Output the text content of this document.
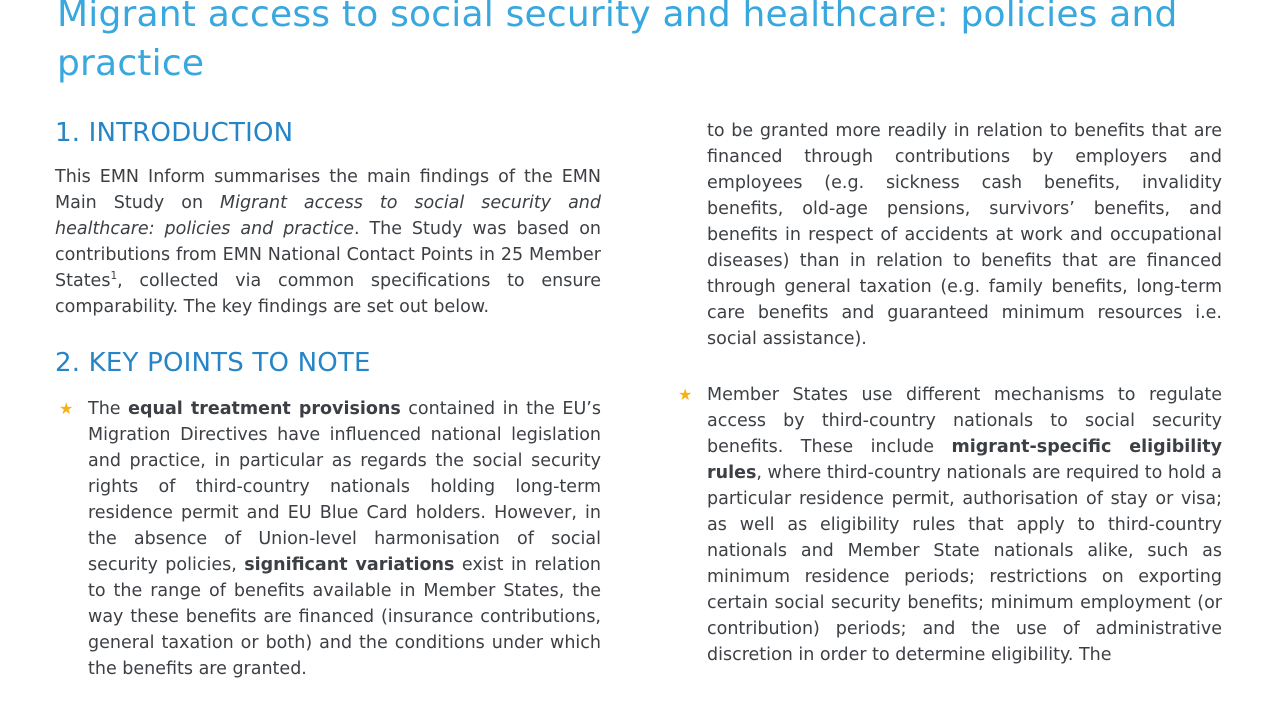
Migrant access to social security and healthcare: policies and practice
1. INTRODUCTION

This EMN Inform summarises the main findings of the EMN Main Study on Migrant access to social security and healthcare: policies and practice. The Study was based on contributions from EMN National Contact Points in 25 Member States$^1$, collected via common specifications to ensure comparability. The key findings are set out below.

2. KEY POINTS TO NOTE
★ The equal treatment provisions contained in the EU’s Migration Directives have influenced national legislation and practice, in particular as regards the social security rights of third-country nationals holding long-term residence permit and EU Blue Card holders. However, in the absence of Union-level harmonisation of social security policies, significant variations exist in relation to the range of benefits available in Member States, the way these benefits are financed (insurance contributions, general taxation or both) and the conditions under which the benefits are granted.

to be granted more readily in relation to benefits that are financed through contributions by employers and employees (e.g. sickness cash benefits, invalidity benefits, old-age pensions, survivors’ benefits, and benefits in respect of accidents at work and occupational diseases) than in relation to benefits that are financed through general taxation (e.g. family benefits, long-term care benefits and guaranteed minimum resources i.e. social assistance).

★ Member States use different mechanisms to regulate access by third-country nationals to social security benefits. These include migrant-specific eligibility rules, where third-country nationals are required to hold a particular residence permit, authorisation of stay or visa; as well as eligibility rules that apply to third-country nationals and Member State nationals alike, such as minimum residence periods; restrictions on exporting certain social security benefits; minimum employment (or contribution) periods; and the use of administrative discretion in order to determine eligibility. The
